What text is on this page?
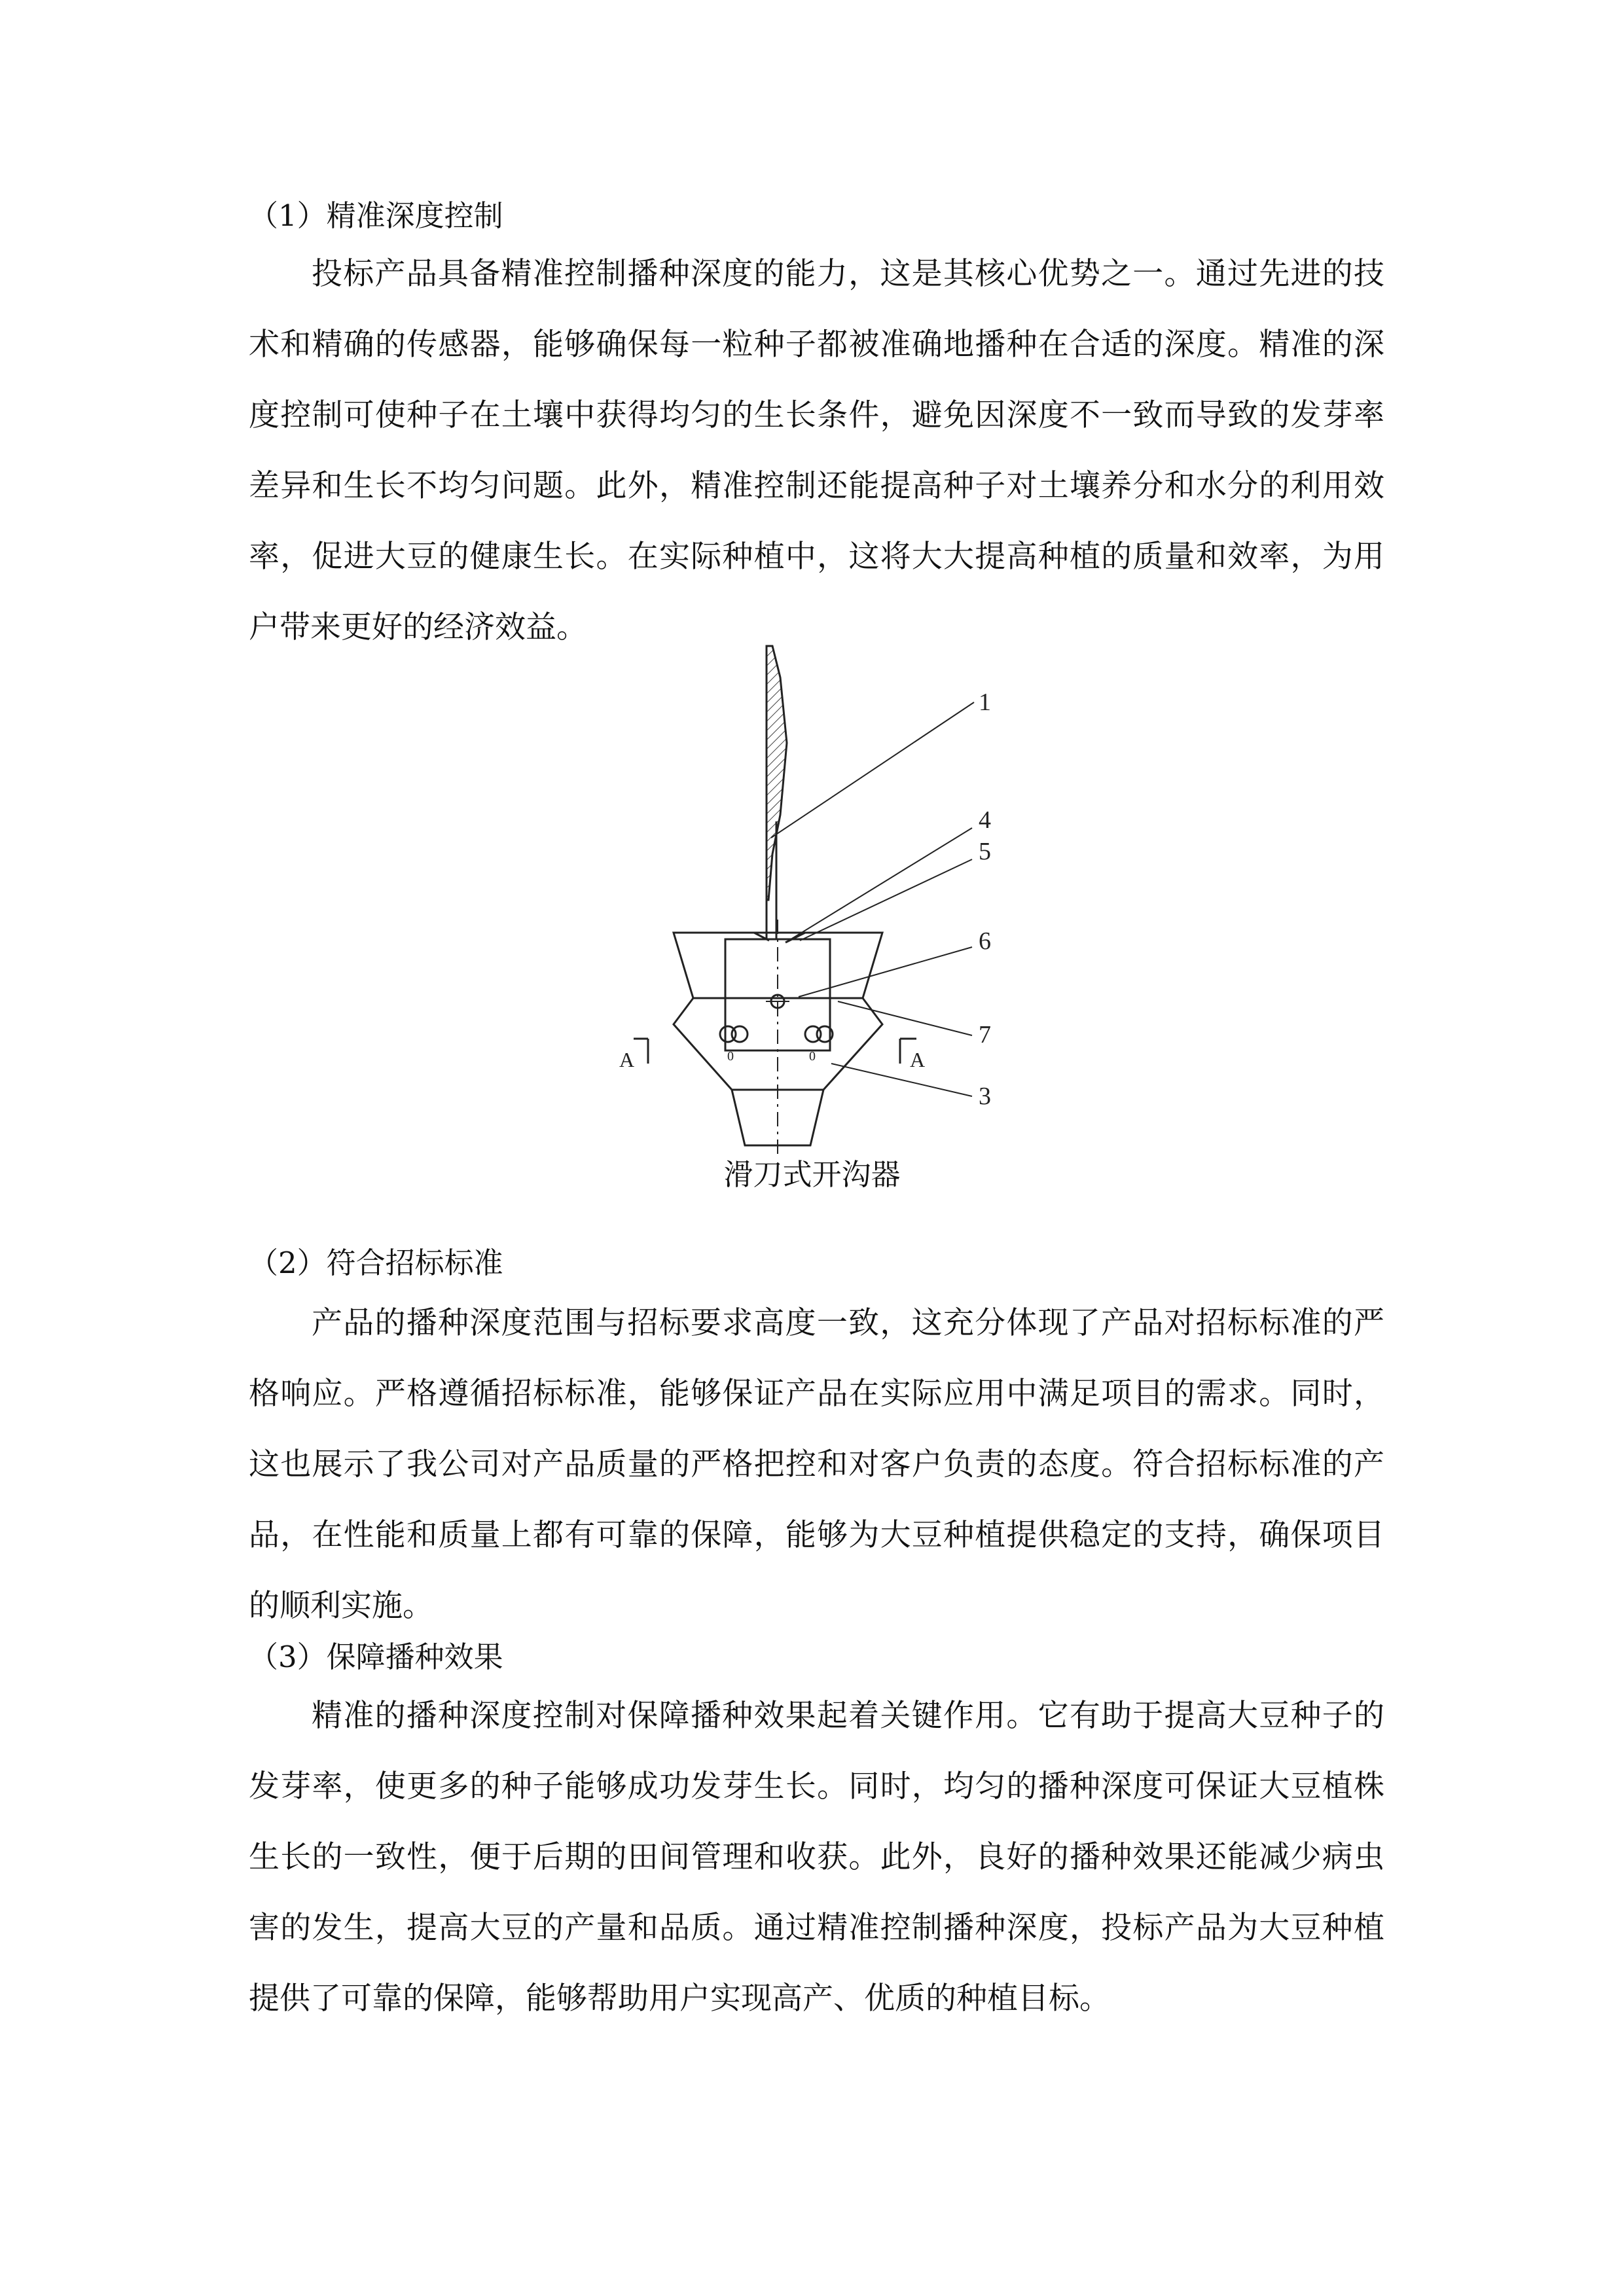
（1）精准深度控制
投标产品具备精准控制播种深度的能力，这是其核心优势之一。通过先进的技术和精确的传感器，能够确保每一粒种子都被准确地播种在合适的深度。精准的深度控制可使种子在土壤中获得均匀的生长条件，避免因深度不一致而导致的发芽率差异和生长不均匀问题。此外，精准控制还能提高种子对土壤养分和水分的利用效率，促进大豆的健康生长。在实际种植中，这将大大提高种植的质量和效率，为用户带来更好的经济效益。
1
4
5
6
7
3
A	A
0	0
滑刀式开沟器
（2）符合招标标准
产品的播种深度范围与招标要求高度一致，这充分体现了产品对招标标准的严格响应。严格遵循招标标准，能够保证产品在实际应用中满足项目的需求。同时，这也展示了我公司对产品质量的严格把控和对客户负责的态度。符合招标标准的产品，在性能和质量上都有可靠的保障，能够为大豆种植提供稳定的支持，确保项目的顺利实施。
（3）保障播种效果
精准的播种深度控制对保障播种效果起着关键作用。它有助于提高大豆种子的发芽率，使更多的种子能够成功发芽生长。同时，均匀的播种深度可保证大豆植株生长的一致性，便于后期的田间管理和收获。此外，良好的播种效果还能减少病虫害的发生，提高大豆的产量和品质。通过精准控制播种深度，投标产品为大豆种植提供了可靠的保障，能够帮助用户实现高产、优质的种植目标。
